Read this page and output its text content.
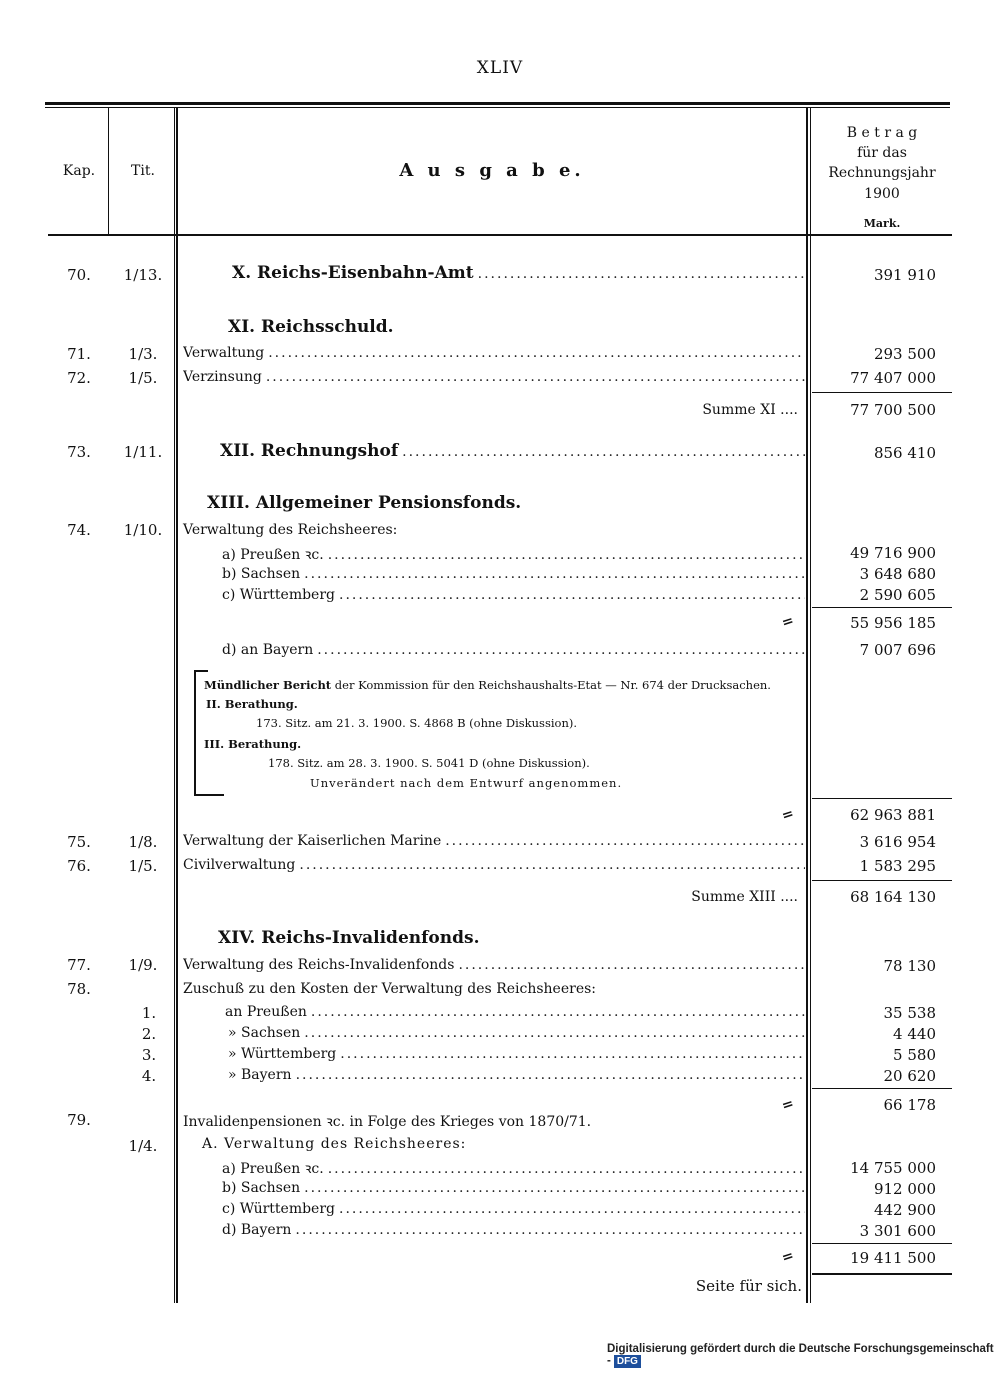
XLIV
Kap.	Tit.	A u s g a b e.
B e t r a g
für das
Rechnungsjahr
1900
Mark.
70.	1/13.	X. Reichs-Eisenbahn-Amt .....	391 910
XI. Reichsschuld.
71.	1/3.	Verwaltung .....	293 500
72.	1/5.	Verzinsung .....	77 407 000
Summe XI ....	77 700 500
73.	1/11.	XII. Rechnungshof .....	856 410
XIII. Allgemeiner Pensionsfonds.
74.	1/10.	Verwaltung des Reichsheeres:
a) Preußen ꝛc. .....	49 716 900
b) Sachsen .....	3 648 680
c) Württemberg .....	2 590 605
=	55 956 185
d) an Bayern .....	7 007 696
Mündlicher Bericht der Kommission für den Reichshaushalts-Etat — Nr. 674 der Drucksachen.
II. Berathung.
173. Sitz. am 21. 3. 1900. S. 4868 B (ohne Diskussion).
III. Berathung.
178. Sitz. am 28. 3. 1900. S. 5041 D (ohne Diskussion).
Unverändert nach dem Entwurf angenommen.
=	62 963 881
75.	1/8.	Verwaltung der Kaiserlichen Marine .....	3 616 954
76.	1/5.	Civilverwaltung .....	1 583 295
Summe XIII ....	68 164 130
XIV. Reichs-Invalidenfonds.
77.	1/9.	Verwaltung des Reichs-Invalidenfonds .....	78 130
78.	Zuschuß zu den Kosten der Verwaltung des Reichsheeres:
1.	an Preußen .....	35 538
2.	» Sachsen .....	4 440
3.	» Württemberg .....	5 580
4.	» Bayern .....	20 620
=	66 178
79.	Invalidenpensionen ꝛc. in Folge des Krieges von 1870/71.
1/4.	A. Verwaltung des Reichsheeres:
a) Preußen ꝛc. .....	14 755 000
b) Sachsen .....	912 000
c) Württemberg .....	442 900
d) Bayern .....	3 301 600
=	19 411 500
Seite für sich.
Digitalisierung gefördert durch die Deutsche Forschungsgemeinschaft - DFG
